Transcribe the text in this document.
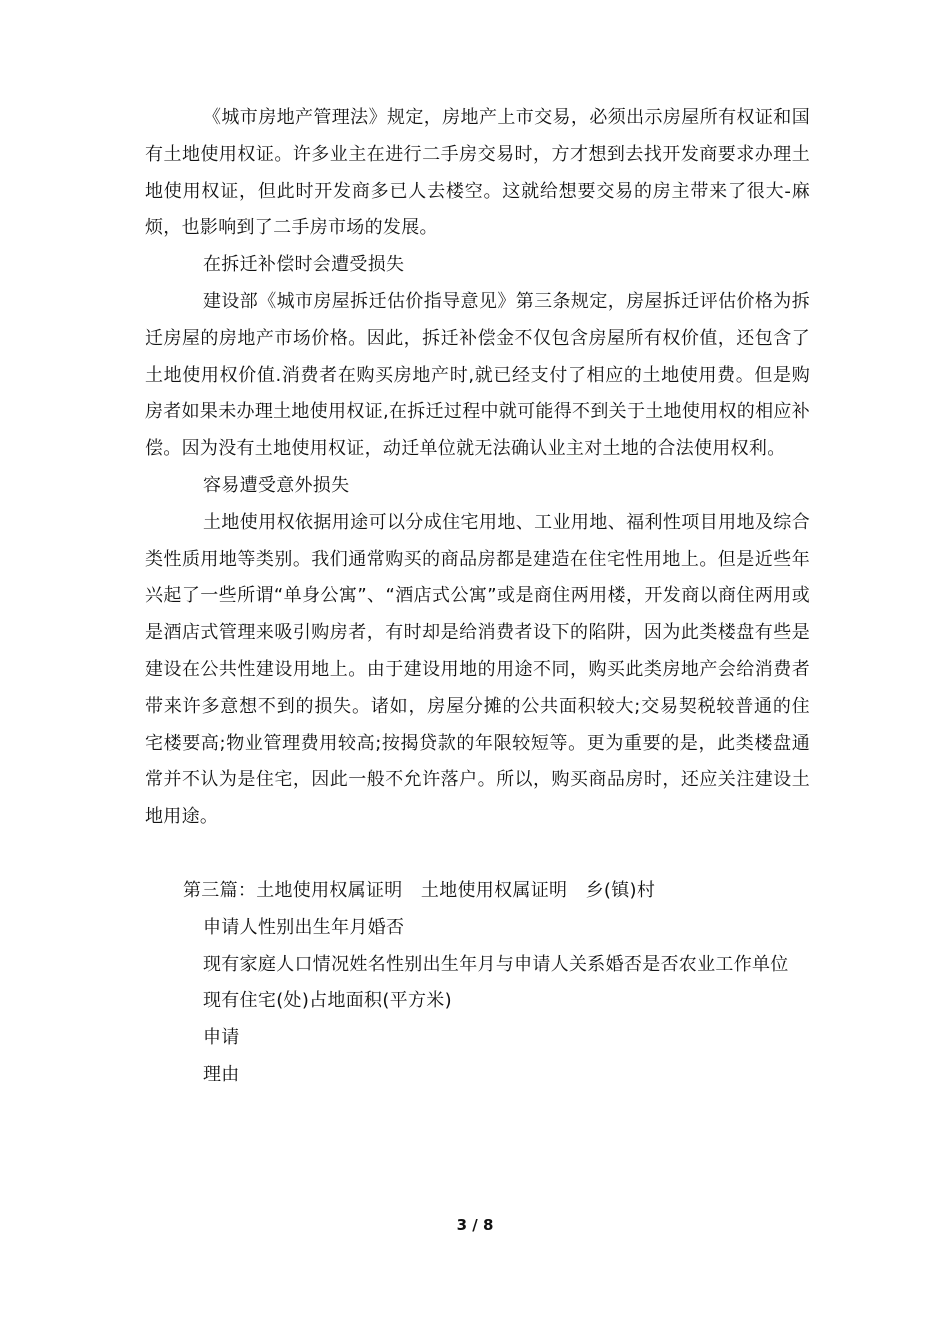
《城市房地产管理法》规定，房地产上市交易，必须出示房屋所有权证和国有土地使用权证。许多业主在进行二手房交易时，方才想到去找开发商要求办理土地使用权证，但此时开发商多已人去楼空。这就给想要交易的房主带来了很大-麻烦，也影响到了二手房市场的发展。

在拆迁补偿时会遭受损失

建设部《城市房屋拆迁估价指导意见》第三条规定，房屋拆迁评估价格为拆迁房屋的房地产市场价格。因此，拆迁补偿金不仅包含房屋所有权价值，还包含了土地使用权价值.消费者在购买房地产时,就已经支付了相应的土地使用费。但是购房者如果未办理土地使用权证,在拆迁过程中就可能得不到关于土地使用权的相应补偿。因为没有土地使用权证，动迁单位就无法确认业主对土地的合法使用权利。

容易遭受意外损失

土地使用权依据用途可以分成住宅用地、工业用地、福利性项目用地及综合类性质用地等类别。我们通常购买的商品房都是建造在住宅性用地上。但是近些年兴起了一些所谓“单身公寓”、“酒店式公寓”或是商住两用楼，开发商以商住两用或是酒店式管理来吸引购房者，有时却是给消费者设下的陷阱，因为此类楼盘有些是建设在公共性建设用地上。由于建设用地的用途不同，购买此类房地产会给消费者带来许多意想不到的损失。诸如，房屋分摊的公共面积较大;交易契税较普通的住宅楼要高;物业管理费用较高;按揭贷款的年限较短等。更为重要的是，此类楼盘通常并不认为是住宅，因此一般不允许落户。所以，购买商品房时，还应关注建设土地用途。

第三篇：土地使用权属证明　土地使用权属证明　乡(镇)村

申请人性别出生年月婚否

现有家庭人口情况姓名性别出生年月与申请人关系婚否是否农业工作单位

现有住宅(处)占地面积(平方米)

申请

理由

3 / 8
